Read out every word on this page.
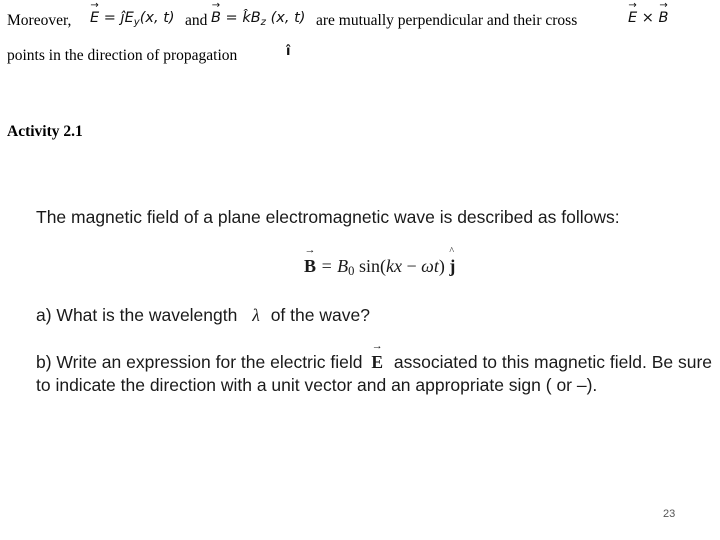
Moreover, → $E = ĵE_y(x$, t) and → $B = k̂B_z$ (x, t) are mutually perpendicular and their cross	→ E × → B
points in the direction of propagation	î
Activity 2.1
The magnetic field of a plane electromagnetic wave is described as follows:
→ $B = B_0$ sin(kx − ωt) ^ j
a) What is the wavelength λ of the wave?
b) Write an expression for the electric field → E associated to this magnetic field. Be sure
to indicate the direction with a unit vector and an appropriate sign ( or –).
23
